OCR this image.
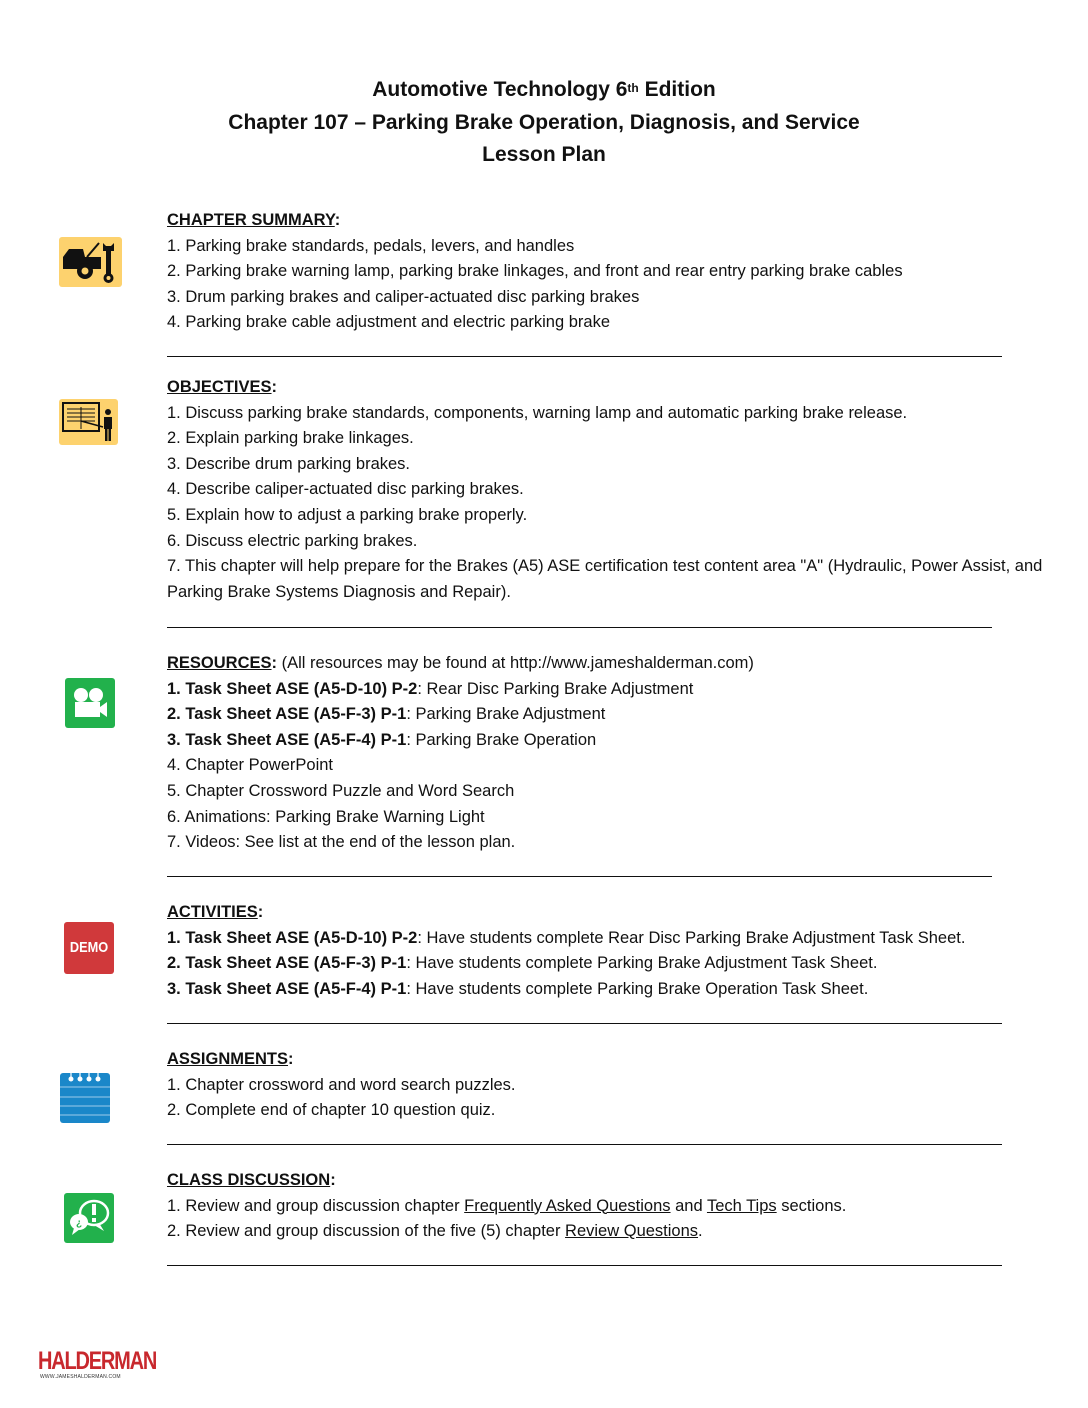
Automotive Technology 6th Edition
Chapter 107 – Parking Brake Operation, Diagnosis, and Service
Lesson Plan
DEMO
¿
CHAPTER SUMMARY:
1. Parking brake standards, pedals, levers, and handles
2. Parking brake warning lamp, parking brake linkages, and front and rear entry parking brake cables
3. Drum parking brakes and caliper-actuated disc parking brakes
4. Parking brake cable adjustment and electric parking brake
OBJECTIVES:
1. Discuss parking brake standards, components, warning lamp and automatic parking brake release.
2. Explain parking brake linkages.
3. Describe drum parking brakes.
4. Describe caliper-actuated disc parking brakes.
5. Explain how to adjust a parking brake properly.
6. Discuss electric parking brakes.
7. This chapter will help prepare for the Brakes (A5) ASE certification test content area "A" (Hydraulic, Power Assist, and Parking Brake Systems Diagnosis and Repair).
RESOURCES: (All resources may be found at http://www.jameshalderman.com)
1. Task Sheet ASE (A5-D-10) P-2: Rear Disc Parking Brake Adjustment
2. Task Sheet ASE (A5-F-3) P-1: Parking Brake Adjustment
3. Task Sheet ASE (A5-F-4) P-1: Parking Brake Operation
4. Chapter PowerPoint
5. Chapter Crossword Puzzle and Word Search
6. Animations: Parking Brake Warning Light
7. Videos: See list at the end of the lesson plan.
ACTIVITIES:
1. Task Sheet ASE (A5-D-10) P-2: Have students complete Rear Disc Parking Brake Adjustment Task Sheet.
2. Task Sheet ASE (A5-F-3) P-1: Have students complete Parking Brake Adjustment Task Sheet.
3. Task Sheet ASE (A5-F-4) P-1: Have students complete Parking Brake Operation Task Sheet.
ASSIGNMENTS:
1. Chapter crossword and word search puzzles.
2. Complete end of chapter 10 question quiz.
CLASS DISCUSSION:
1. Review and group discussion chapter Frequently Asked Questions and Tech Tips sections.
2. Review and group discussion of the five (5) chapter Review Questions.
HALDERMAN
WWW.JAMESHALDERMAN.COM
